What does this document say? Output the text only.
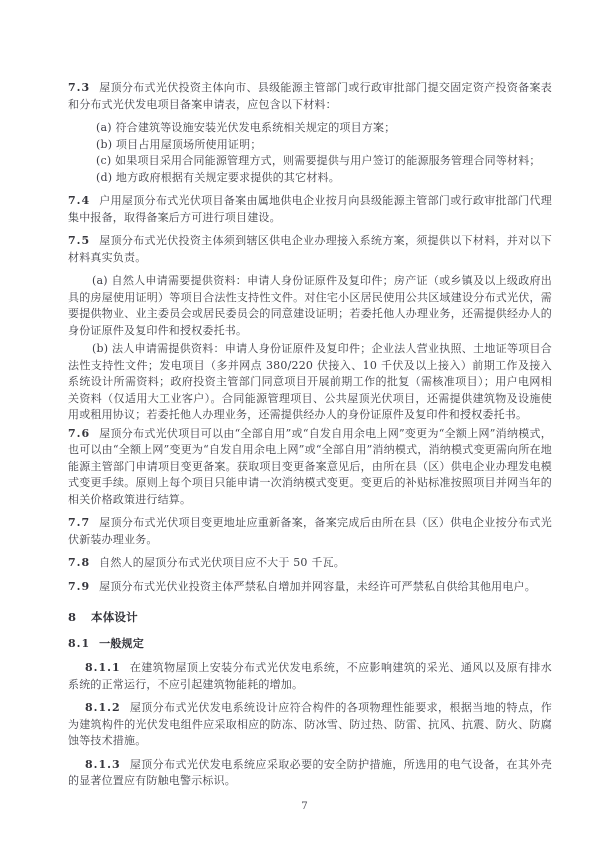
7.3 屋顶分布式光伏投资主体向市、县级能源主管部门或行政审批部门提交固定资产投资备案表和分布式光伏发电项目备案申请表，应包含以下材料：

(a) 符合建筑等设施安装光伏发电系统相关规定的项目方案；

(b) 项目占用屋顶场所使用证明；

(c) 如果项目采用合同能源管理方式，则需要提供与用户签订的能源服务管理合同等材料；

(d) 地方政府根据有关规定要求提供的其它材料。

7.4 户用屋顶分布式光伏项目备案由属地供电企业按月向县级能源主管部门或行政审批部门代理集中报备，取得备案后方可进行项目建设。

7.5 屋顶分布式光伏投资主体须到辖区供电企业办理接入系统方案，须提供以下材料，并对以下材料真实负责。

(a) 自然人申请需要提供资料：申请人身份证原件及复印件；房产证（或乡镇及以上级政府出具的房屋使用证明）等项目合法性支持性文件。对住宅小区居民使用公共区域建设分布式光伏，需要提供物业、业主委员会或居民委员会的同意建设证明；若委托他人办理业务，还需提供经办人的身份证原件及复印件和授权委托书。

(b) 法人申请需提供资料：申请人身份证原件及复印件；企业法人营业执照、土地证等项目合法性支持性文件；发电项目（多并网点 380/220 伏接入、10 千伏及以上接入）前期工作及接入系统设计所需资料；政府投资主管部门同意项目开展前期工作的批复（需核准项目）；用户电网相关资料（仅适用大工业客户）。合同能源管理项目、公共屋顶光伏项目，还需提供建筑物及设施使用或租用协议；若委托他人办理业务，还需提供经办人的身份证原件及复印件和授权委托书。

7.6 屋顶分布式光伏项目可以由“全部自用”或“自发自用余电上网”变更为“全额上网”消纳模式，也可以由“全额上网”变更为“自发自用余电上网”或“全部自用”消纳模式，消纳模式变更需向所在地能源主管部门申请项目变更备案。获取项目变更备案意见后，由所在县（区）供电企业办理发电模式变更手续。原则上每个项目只能申请一次消纳模式变更。变更后的补贴标准按照项目并网当年的相关价格政策进行结算。

7.7 屋顶分布式光伏项目变更地址应重新备案，备案完成后由所在县（区）供电企业按分布式光伏新装办理业务。

7.8 自然人的屋顶分布式光伏项目应不大于 50 千瓦。

7.9 屋顶分布式光伏业投资主体严禁私自增加并网容量，未经许可严禁私自供给其他用电户。

8 本体设计

8.1 一般规定

8.1.1 在建筑物屋顶上安装分布式光伏发电系统，不应影响建筑的采光、通风以及原有排水系统的正常运行，不应引起建筑物能耗的增加。

8.1.2 屋顶分布式光伏发电系统设计应符合构件的各项物理性能要求，根据当地的特点，作为建筑构件的光伏发电组件应采取相应的防冻、防冰雪、防过热、防雷、抗风、抗震、防火、防腐蚀等技术措施。

8.1.3 屋顶分布式光伏发电系统应采取必要的安全防护措施，所选用的电气设备，在其外壳的显著位置应有防触电警示标识。

7
